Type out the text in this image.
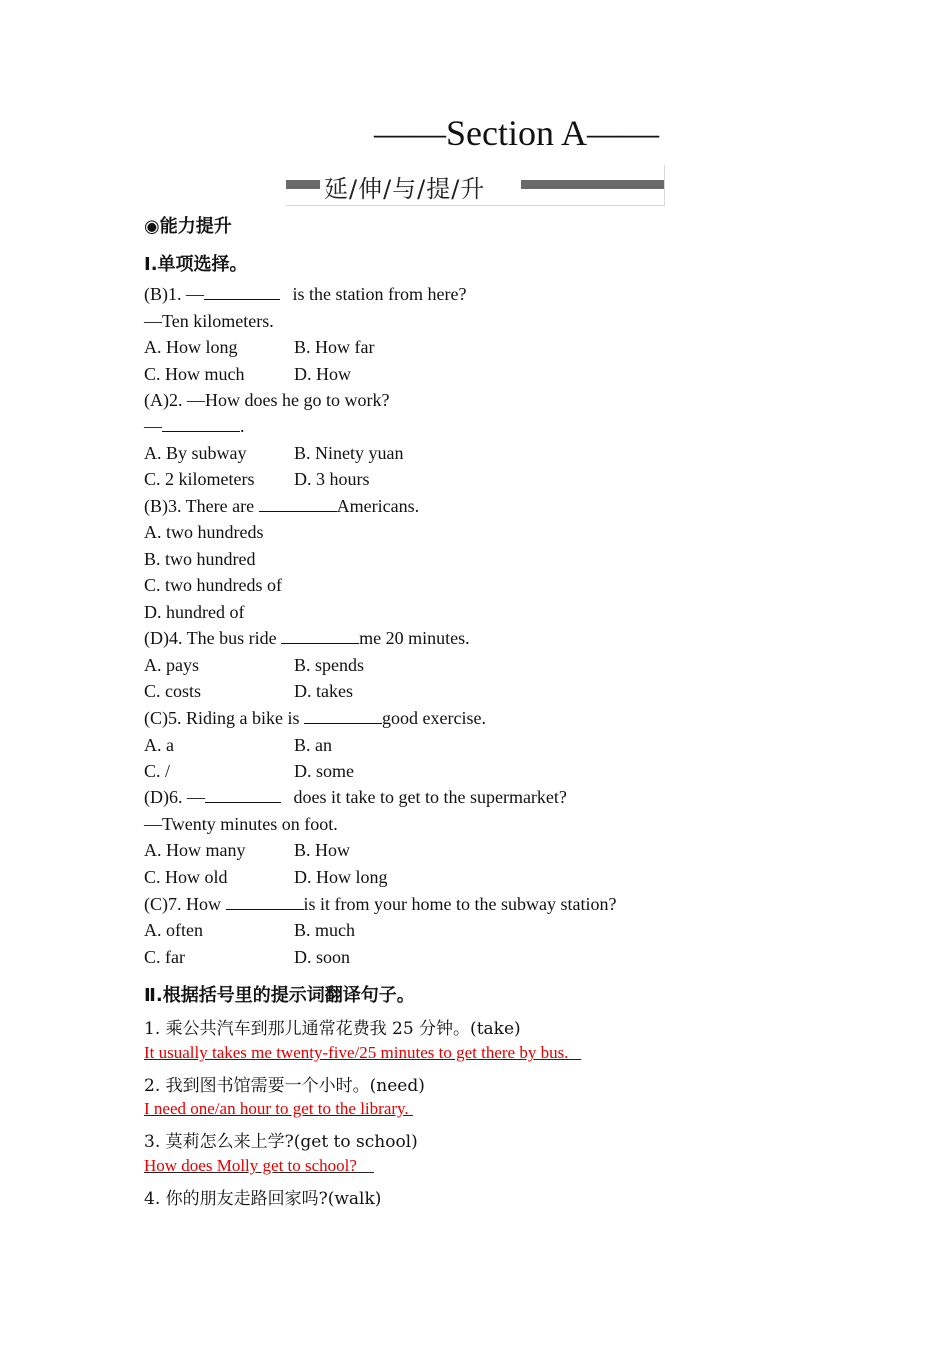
——Section A——
延/伸/与/提/升
◉能力提升
Ⅰ.单项选择。
(B)1. —	is the station from here?
—Ten kilometers.
A. How long	B. How far
C. How much	D. How
(A)2. —How does he go to work?
—	.
A. By subway	B. Ninety yuan
C. 2 kilometers D. 3 hours
(B)3. There are	Americans.
A. two hundreds
B. two hundred
C. two hundreds of
D. hundred of
(D)4. The bus ride	me 20 minutes.
A. pays	B. spends
C. costs	D. takes
(C)5. Riding a bike is	good exercise.
A. a	B. an
C. /	D. some
(D)6. —	does it take to get to the supermarket?
—Twenty minutes on foot.
A. How many	B. How
C. How old	D. How long
(C)7. How	is it from your home to the subway station?
A. often	B. much
C. far	D. soon
Ⅱ.根据括号里的提示词翻译句子。
1. 乘公共汽车到那儿通常花费我 25 分钟。(take)
It usually takes me twenty-five/25 minutes to get there by bus.
2. 我到图书馆需要一个小时。(need)
I need one/an hour to get to the library.
3. 莫莉怎么来上学?(get to school)
How does Molly get to school?
4. 你的朋友走路回家吗?(walk)
